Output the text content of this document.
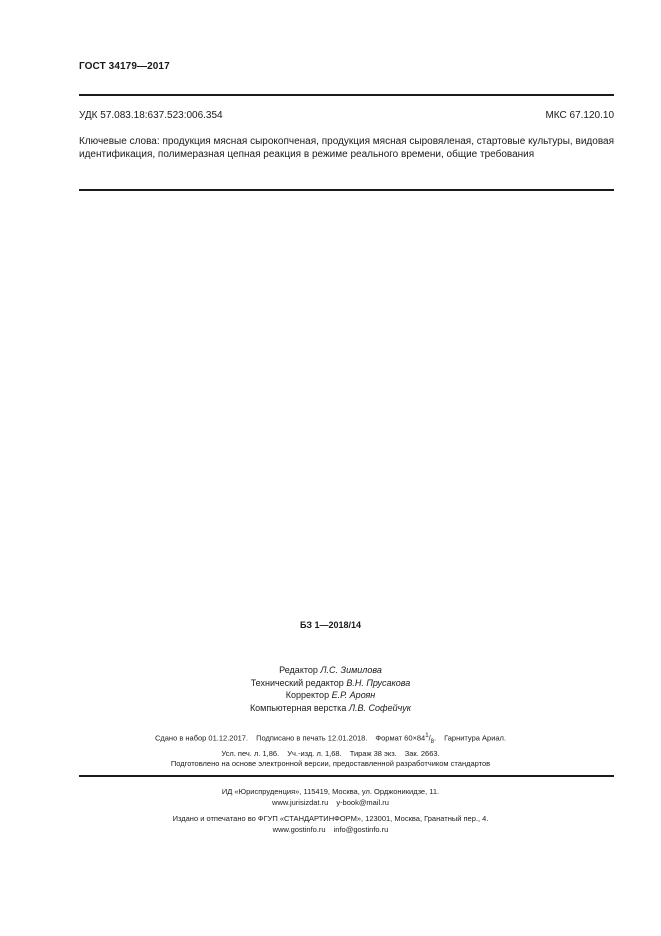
ГОСТ 34179—2017
УДК 57.083.18:637.523:006.354	МКС 67.120.10
Ключевые слова: продукция мясная сырокопченая, продукция мясная сыровяленая, стартовые культуры, видовая идентификация, полимеразная цепная реакция в режиме реального времени, общие требования
БЗ 1—2018/14
Редактор Л.С. Зимилова
Технический редактор В.Н. Прусакова
Корректор Е.Р. Ароян
Компьютерная верстка Л.В. Софейчук
Сдано в набор 01.12.2017. Подписано в печать 12.01.2018. Формат $60\times 84^1/_8$. Гарнитура Ариал.
Усл. печ. л. 1,86. Уч.-изд. л. 1,68. Тираж 38 экз. Зак. 2663.
Подготовлено на основе электронной версии, предоставленной разработчиком стандартов
ИД «Юриспруденция», 115419, Москва, ул. Орджоникидзе, 11.
www.jurisizdat.ru y-book@mail.ru
Издано и отпечатано во ФГУП «СТАНДАРТИНФОРМ», 123001, Москва, Гранатный пер., 4.
www.gostinfo.ru info@gostinfo.ru
